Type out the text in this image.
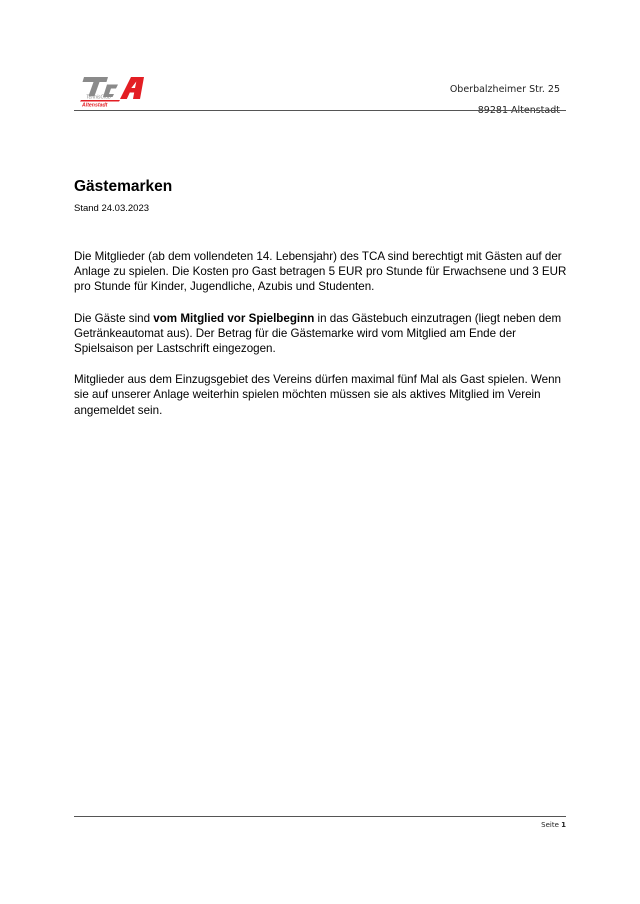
TennisClub
Altenstadt
Oberbalzheimer Str. 25
89281 Altenstadt
Gästemarken
Stand 24.03.2023

Die Mitglieder (ab dem vollendeten 14. Lebensjahr) des TCA sind berechtigt mit Gästen auf der Anlage zu spielen. Die Kosten pro Gast betragen 5 EUR pro Stunde für Erwachsene und 3 EUR pro Stunde für Kinder, Jugendliche, Azubis und Studenten.

Die Gäste sind vom Mitglied vor Spielbeginn in das Gästebuch einzutragen (liegt neben dem Getränkeautomat aus). Der Betrag für die Gästemarke wird vom Mitglied am Ende der Spielsaison per Lastschrift eingezogen.

Mitglieder aus dem Einzugsgebiet des Vereins dürfen maximal fünf Mal als Gast spielen. Wenn sie auf unserer Anlage weiterhin spielen möchten müssen sie als aktives Mitglied im Verein angemeldet sein.

Seite 1
